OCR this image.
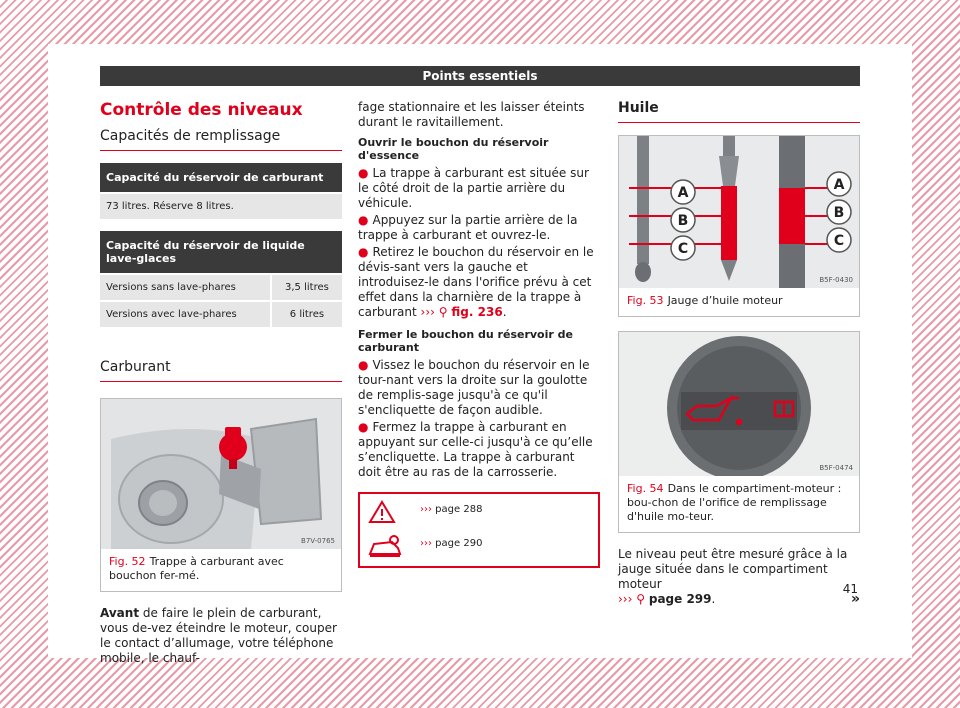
Points essentiels
Contrôle des niveaux
Capacités de remplissage
Capacité du réservoir de carburant
73 litres. Réserve 8 litres.
Capacité du réservoir de liquide lave-glaces	
Versions sans lave-phares	3,5 litres
Versions avec lave-phares	6 litres
Carburant
B7V-0765
Fig. 52 Trappe à carburant avec bouchon fer-mé.
Avant de faire le plein de carburant, vous de-vez éteindre le moteur, couper le contact d’allumage, votre téléphone mobile, le chauf-
fage stationnaire et les laisser éteints durant le ravitaillement.
Ouvrir le bouchon du réservoir d'essence
● La trappe à carburant est située sur le côté droit de la partie arrière du véhicule.
● Appuyez sur la partie arrière de la trappe à carburant et ouvrez-le.
● Retirez le bouchon du réservoir en le dévis-sant vers la gauche et introduisez-le dans l'orifice prévu à cet effet dans la charnière de la trappe à carburant ››› ⚲ fig. 236.
Fermer le bouchon du réservoir de carburant
● Vissez le bouchon du réservoir en le tour-nant vers la droite sur la goulotte de remplis-sage jusqu'à ce qu'il s'encliquette de façon audible.
● Fermez la trappe à carburant en appuyant sur celle-ci jusqu'à ce qu’elle s’encliquette. La trappe à carburant doit être au ras de la carrosserie.
››› page 288
››› page 290
Huile
A
B
C
A
B
C
B5F-0430
Fig. 53 Jauge d’huile moteur
B5F-0474
Fig. 54 Dans le compartiment-moteur : bou-chon de l'orifice de remplissage d'huile mo-teur.
Le niveau peut être mesuré grâce à la jauge située dans le compartiment moteur
››› ⚲ page 299.	»
41
